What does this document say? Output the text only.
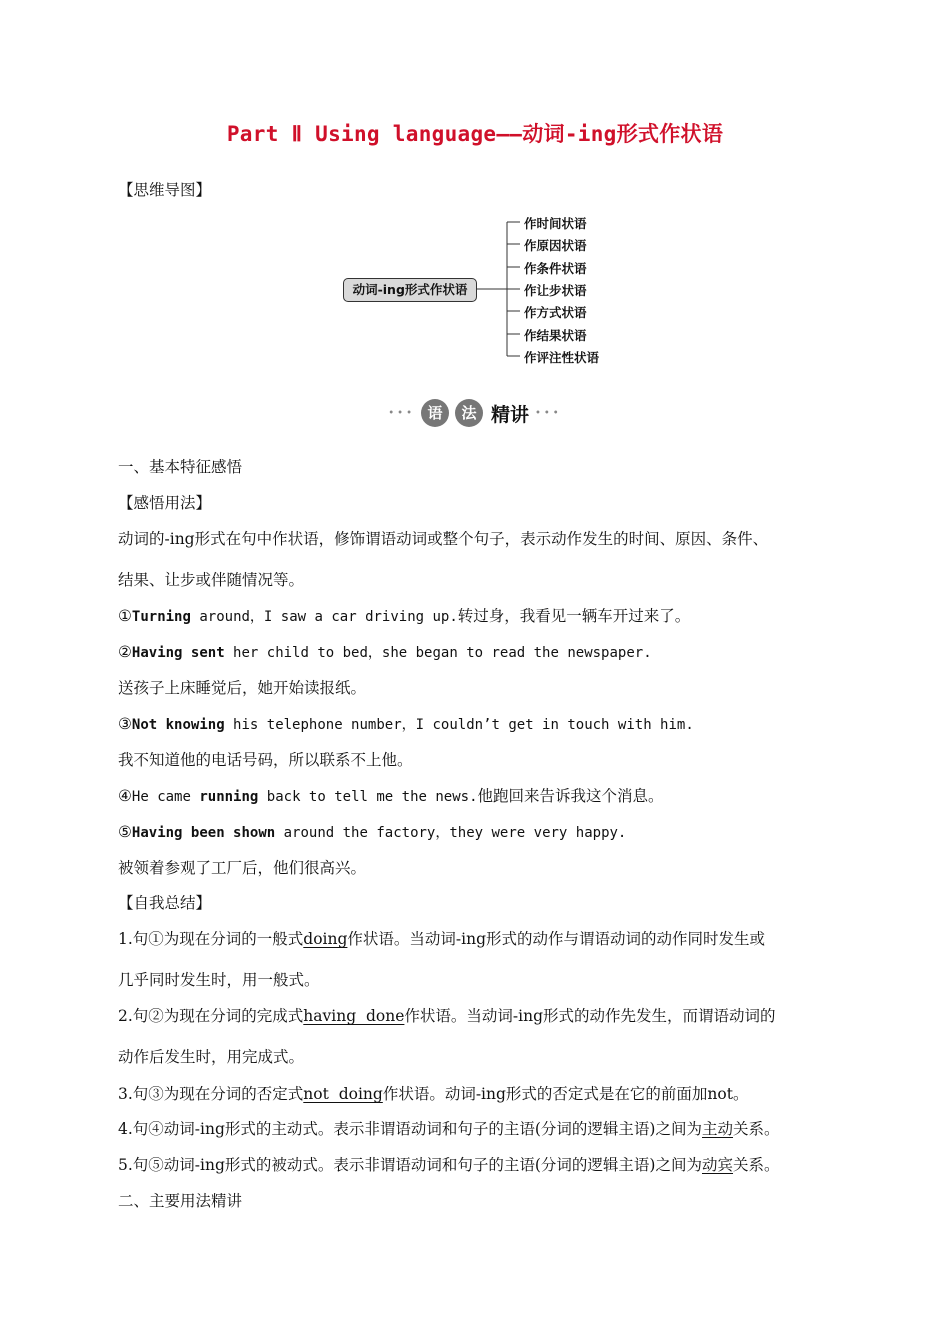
Part Ⅱ Using language——动词-ing形式作状语
【思维导图】
动词-ing形式作状语
作时间状语
作原因状语
作条件状语
作让步状语
作方式状语
作结果状语
作评注性状语
••• 语	法 精讲 •••
一、基本特征感悟
【感悟用法】
动词的-ing形式在句中作状语，修饰谓语动词或整个句子，表示动作发生的时间、原因、条件、
结果、让步或伴随情况等。
①Turning around，I saw a car driving up.转过身，我看见一辆车开过来了。
②Having sent her child to bed，she began to read the newspaper.
送孩子上床睡觉后，她开始读报纸。
③Not knowing his telephone number，I couldn’t get in touch with him.
我不知道他的电话号码，所以联系不上他。
④He came running back to tell me the news.他跑回来告诉我这个消息。
⑤Having been shown around the factory，they were very happy.
被领着参观了工厂后，他们很高兴。
【自我总结】
1.句①为现在分词的一般式doing作状语。当动词-ing形式的动作与谓语动词的动作同时发生或
几乎同时发生时，用一般式。
2.句②为现在分词的完成式having  done作状语。当动词-ing形式的动作先发生，而谓语动词的
动作后发生时，用完成式。
3.句③为现在分词的否定式not  doing作状语。动词-ing形式的否定式是在它的前面加not。
4.句④动词-ing形式的主动式。表示非谓语动词和句子的主语(分词的逻辑主语)之间为主动关系。
5.句⑤动词-ing形式的被动式。表示非谓语动词和句子的主语(分词的逻辑主语)之间为动宾关系。
二、主要用法精讲
